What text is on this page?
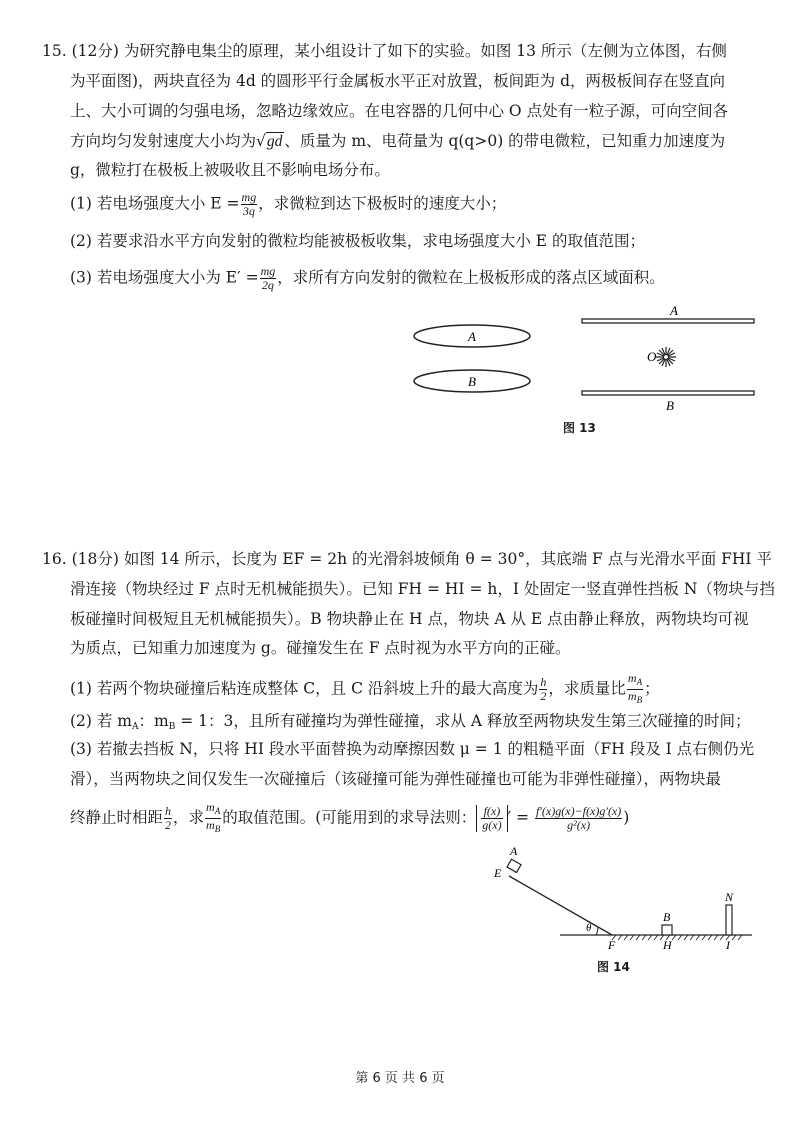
15. (12分) 为研究静电集尘的原理，某小组设计了如下的实验。如图 13 所示（左侧为立体图，右侧
为平面图)，两块直径为 4d 的圆形平行金属板水平正对放置，板间距为 d，两极板间存在竖直向
上、大小可调的匀强电场，忽略边缘效应。在电容器的几何中心 O 点处有一粒子源，可向空间各
方向均匀发射速度大小均为√gd 、质量为 m、电荷量为 q(q>0) 的带电微粒，已知重力加速度为
g，微粒打在极板上被吸收且不影响电场分布。
(1) 若电场强度大小 $E = \frac{mg}{3q}$ ，求微粒到达下极板时的速度大小；
(2) 若要求沿水平方向发射的微粒均能被极板收集，求电场强度大小 E 的取值范围；
(3) 若电场强度大小为 $E' = \frac{mg}{2q}$ ，求所有方向发射的微粒在上极板形成的落点区域面积。
A
B
A
B
O
图 13
16. (18分) 如图 14 所示，长度为 EF = 2h 的光滑斜坡倾角 θ = 30°，其底端 F 点与光滑水平面 FHI 平
滑连接（物块经过 F 点时无机械能损失）。已知 FH = HI = h，I 处固定一竖直弹性挡板 N（物块与挡
板碰撞时间极短且无机械能损失）。B 物块静止在 H 点，物块 A 从 E 点由静止释放，两物块均可视
为质点，已知重力加速度为 g。碰撞发生在 F 点时视为水平方向的正碰。
(1) 若两个物块碰撞后粘连成整体 C，且 C 沿斜坡上升的最大高度为 $\frac{h}{2}$ ，求质量比 $\frac{m_A}{m_B}$ ；
(2) 若 $m_A$：$m_B = 1$：3，且所有碰撞均为弹性碰撞，求从 A 释放至两物块发生第三次碰撞的时间；
(3) 若撤去挡板 N，只将 HI 段水平面替换为动摩擦因数 μ = 1 的粗糙平面（FH 段及 I 点右侧仍光
滑），当两物块之间仅发生一次碰撞后（该碰撞可能为弹性碰撞也可能为非弹性碰撞），两物块最
终静止时相距 $\frac{h}{2}$ ，求 $\frac{m_A}{m_B}$ 的取值范围。(可能用到的求导法则： $\frac{f(x)}{g(x)}$ ′ = $\frac{f'(x)g(x)-f(x)g'(x)}{\text{g²(x)}}$ )
A
E
θ
F
B
H
N
I
图 14
第 6 页 共 6 页
